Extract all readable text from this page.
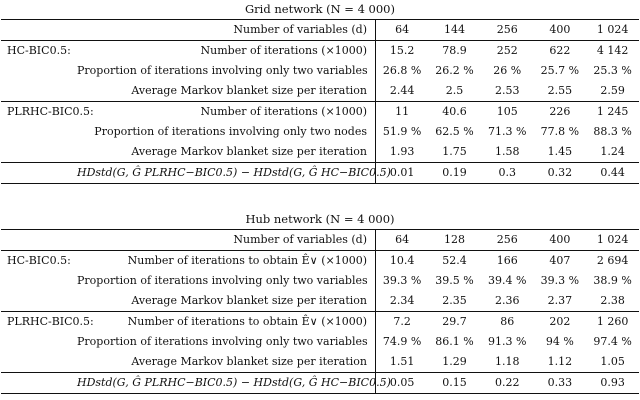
Grid network (N = 4 000)
	Number of variables (d)	64	144	256	400	1 024
HC-BIC0.5:	Number of iterations (×1000)	15.2	78.9	252	622	4 142
	Proportion of iterations involving only two variables	26.8 %	26.2 %	26 %	25.7 %	25.3 %
	Average Markov blanket size per iteration	2.44	2.5	2.53	2.55	2.59
PLRHC-BIC0.5:	Number of iterations (×1000)	11	40.6	105	226	1 245
	Proportion of iterations involving only two nodes	51.9 %	62.5 %	71.3 %	77.8 %	88.3 %
	Average Markov blanket size per iteration	1.93	1.75	1.58	1.45	1.24
	HDstd(G, Ĝ PLRHC−BIC0.5) − HDstd(G, Ĝ HC−BIC0.5)	0.01	0.19	0.3	0.32	0.44
Hub network (N = 4 000)
	Number of variables (d)	64	128	256	400	1 024
HC-BIC0.5:	Number of iterations to obtain Ê∨ (×1000)	10.4	52.4	166	407	2 694
	Proportion of iterations involving only two variables	39.3 %	39.5 %	39.4 %	39.3 %	38.9 %
	Average Markov blanket size per iteration	2.34	2.35	2.36	2.37	2.38
PLRHC-BIC0.5:	Number of iterations to obtain Ê∨ (×1000)	7.2	29.7	86	202	1 260
	Proportion of iterations involving only two variables	74.9 %	86.1 %	91.3 %	94 %	97.4 %
	Average Markov blanket size per iteration	1.51	1.29	1.18	1.12	1.05
	HDstd(G, Ĝ PLRHC−BIC0.5) − HDstd(G, Ĝ HC−BIC0.5)	0.05	0.15	0.22	0.33	0.93
